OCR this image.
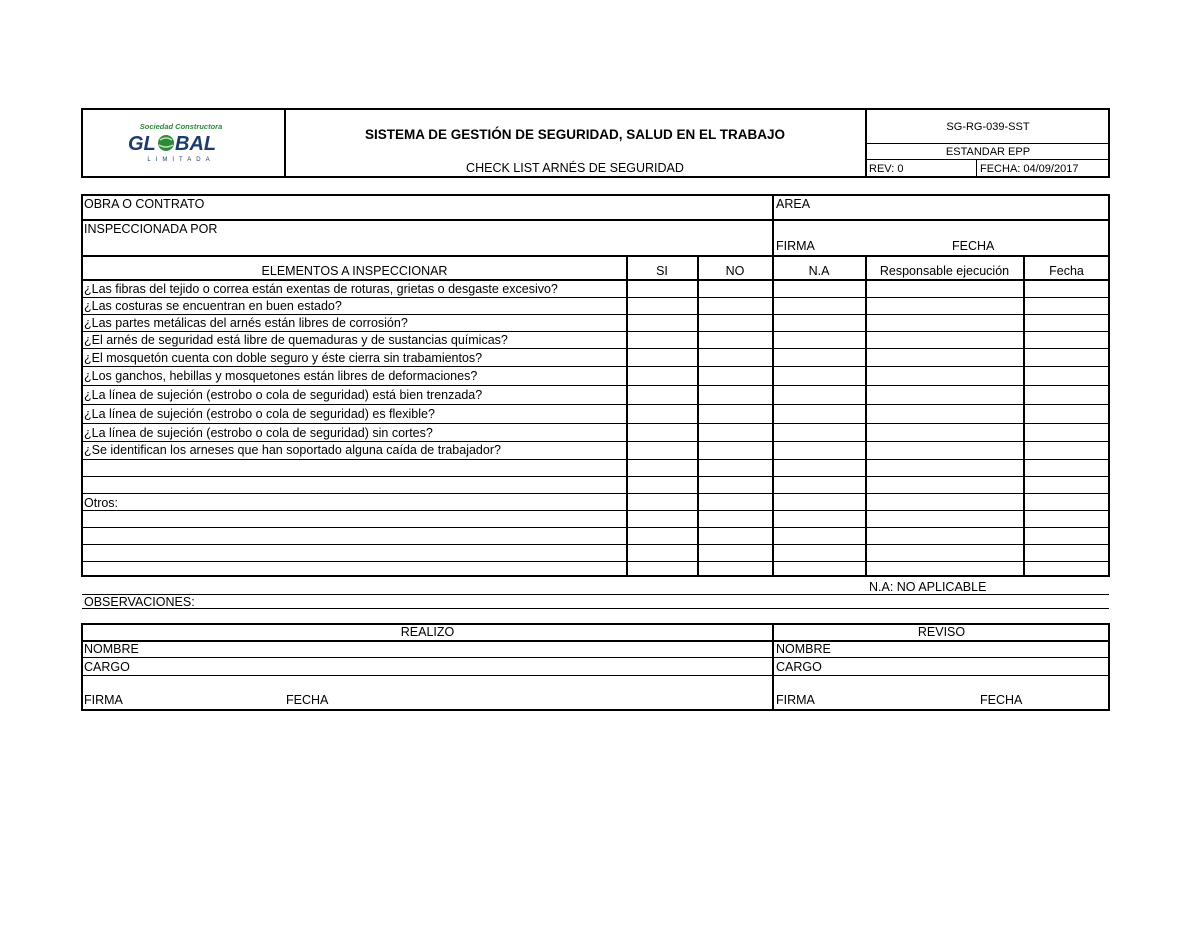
Sociedad Constructora
GL BAL
LIMITADA
SISTEMA DE GESTIÓN DE SEGURIDAD, SALUD EN EL TRABAJO
CHECK LIST ARNÉS DE SEGURIDAD
SG-RG-039-SST
ESTANDAR EPP
REV: 0	FECHA: 04/09/2017
OBRA O CONTRATO	AREA
INSPECCIONADA POR
FIRMA	FECHA
ELEMENTOS A INSPECCIONAR	SI	NO	N.A	Responsable ejecución	Fecha
¿Las fibras del tejido o correa están exentas de roturas, grietas o desgaste excesivo?
¿Las costuras se encuentran en buen estado?
¿Las partes metálicas del arnés están libres de corrosión?
¿El arnés de seguridad está libre de quemaduras y de sustancias químicas?
¿El mosquetón cuenta con doble seguro y éste cierra sin trabamientos?
¿Los ganchos, hebillas y mosquetones están libres de deformaciones?
¿La línea de sujeción (estrobo o cola de seguridad) está bien trenzada?
¿La línea de sujeción (estrobo o cola de seguridad) es flexible?
¿La línea de sujeción (estrobo o cola de seguridad) sin cortes?
¿Se identifican los arneses que han soportado alguna caída de trabajador?
Otros:
N.A: NO APLICABLE
OBSERVACIONES:
REALIZO	REVISO
NOMBRE
CARGO
FIRMA	FECHA
NOMBRE
CARGO
FIRMA	FECHA
